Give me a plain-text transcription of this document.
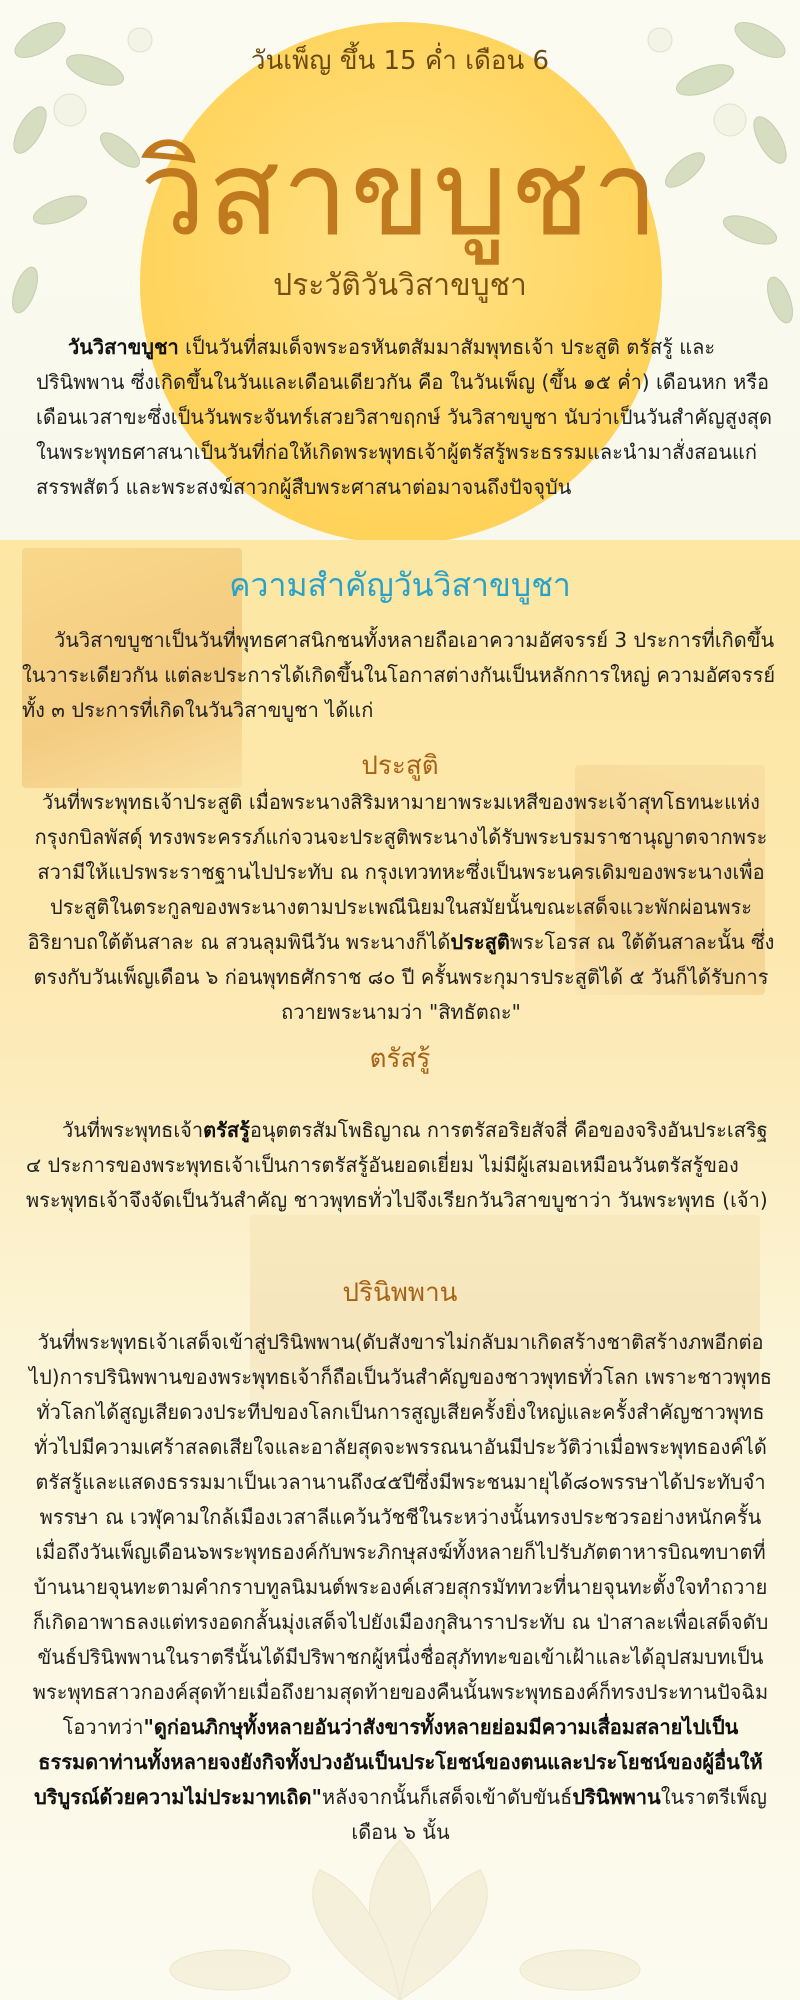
วันเพ็ญ ขึ้น 15 ค่ำ เดือน 6
วิสาขบูชา
ประวัติวันวิสาขบูชา
วันวิสาขบูชา เป็นวันที่สมเด็จพระอรหันตสัมมาสัมพุทธเจ้า ประสูติ ตรัสรู้ และปรินิพพาน ซึ่งเกิดขึ้นในวันและเดือนเดียวกัน คือ ในวันเพ็ญ (ขึ้น ๑๕ ค่ำ) เดือนหก หรือเดือนเวสาขะซึ่งเป็นวันพระจันทร์เสวยวิสาขฤกษ์ วันวิสาขบูชา นับว่าเป็นวันสำคัญสูงสุดในพระพุทธศาสนาเป็นวันที่ก่อให้เกิดพระพุทธเจ้าผู้ตรัสรู้พระธรรมและนำมาสั่งสอนแก่สรรพสัตว์ และพระสงฆ์สาวกผู้สืบพระศาสนาต่อมาจนถึงปัจจุบัน
ความสำคัญวันวิสาขบูชา
วันวิสาขบูชาเป็นวันที่พุทธศาสนิกชนทั้งหลายถือเอาความอัศจรรย์ 3 ประการที่เกิดขึ้นในวาระเดียวกัน แต่ละประการได้เกิดขึ้นในโอกาสต่างกันเป็นหลักการใหญ่ ความอัศจรรย์ทั้ง ๓ ประการที่เกิดในวันวิสาขบูชา ได้แก่
ประสูติ
วันที่พระพุทธเจ้าประสูติ เมื่อพระนางสิริมหามายาพระมเหสีของพระเจ้าสุทโธทนะแห่งกรุงกบิลพัสดุ์ ทรงพระครรภ์แก่จวนจะประสูติพระนางได้รับพระบรมราชานุญาตจากพระสวามีให้แปรพระราชฐานไปประทับ ณ กรุงเทวทหะซึ่งเป็นพระนครเดิมของพระนางเพื่อประสูติในตระกูลของพระนางตามประเพณีนิยมในสมัยนั้นขณะเสด็จแวะพักผ่อนพระอิริยาบถใต้ต้นสาละ ณ สวนลุมพินีวัน พระนางก็ได้ประสูติพระโอรส ณ ใต้ต้นสาละนั้น ซึ่งตรงกับวันเพ็ญเดือน ๖ ก่อนพุทธศักราช ๘๐ ปี ครั้นพระกุมารประสูติได้ ๕ วันก็ได้รับการถวายพระนามว่า "สิทธัตถะ"
ตรัสรู้
วันที่พระพุทธเจ้าตรัสรู้อนุตตรสัมโพธิญาณ การตรัสอริยสัจสี่ คือของจริงอันประเสริฐ ๔ ประการของพระพุทธเจ้าเป็นการตรัสรู้อันยอดเยี่ยม ไม่มีผู้เสมอเหมือนวันตรัสรู้ของพระพุทธเจ้าจึงจัดเป็นวันสำคัญ ชาวพุทธทั่วไปจึงเรียกวันวิสาขบูชาว่า วันพระพุทธ (เจ้า)
ปรินิพพาน
วันที่พระพุทธเจ้าเสด็จเข้าสู่ปรินิพพาน(ดับสังขารไม่กลับมาเกิดสร้างชาติสร้างภพอีกต่อไป)การปรินิพพานของพระพุทธเจ้าก็ถือเป็นวันสำคัญของชาวพุทธทั่วโลก เพราะชาวพุทธทั่วโลกได้สูญเสียดวงประทีปของโลกเป็นการสูญเสียครั้งยิ่งใหญ่และครั้งสำคัญชาวพุทธทั่วไปมีความเศร้าสลดเสียใจและอาลัยสุดจะพรรณนาอันมีประวัติว่าเมื่อพระพุทธองค์ได้ตรัสรู้และแสดงธรรมมาเป็นเวลานานถึง๔๕ปีซึ่งมีพระชนมายุได้๘๐พรรษาได้ประทับจำพรรษา ณ เวฬุคามใกล้เมืองเวสาลีแคว้นวัชชีในระหว่างนั้นทรงประชวรอย่างหนักครั้นเมื่อถึงวันเพ็ญเดือน๖พระพุทธองค์กับพระภิกษุสงฆ์ทั้งหลายก็ไปรับภัตตาหารบิณฑบาตที่บ้านนายจุนทะตามคำกราบทูลนิมนต์พระองค์เสวยสุกรมัททวะที่นายจุนทะตั้งใจทำถวายก็เกิดอาพาธลงแต่ทรงอดกลั้นมุ่งเสด็จไปยังเมืองกุสินาราประทับ ณ ป่าสาละเพื่อเสด็จดับขันธ์ปรินิพพานในราตรีนั้นได้มีปริพาชกผู้หนึ่งชื่อสุภัททะขอเข้าเฝ้าและได้อุปสมบทเป็นพระพุทธสาวกองค์สุดท้ายเมื่อถึงยามสุดท้ายของคืนนั้นพระพุทธองค์ก็ทรงประทานปัจฉิมโอวาทว่า"ดูก่อนภิกษุทั้งหลายอันว่าสังขารทั้งหลายย่อมมีความเสื่อมสลายไปเป็นธรรมดาท่านทั้งหลายจงยังกิจทั้งปวงอันเป็นประโยชน์ของตนและประโยชน์ของผู้อื่นให้บริบูรณ์ด้วยความไม่ประมาทเถิด"หลังจากนั้นก็เสด็จเข้าดับขันธ์ปรินิพพานในราตรีเพ็ญเดือน ๖ นั้น
